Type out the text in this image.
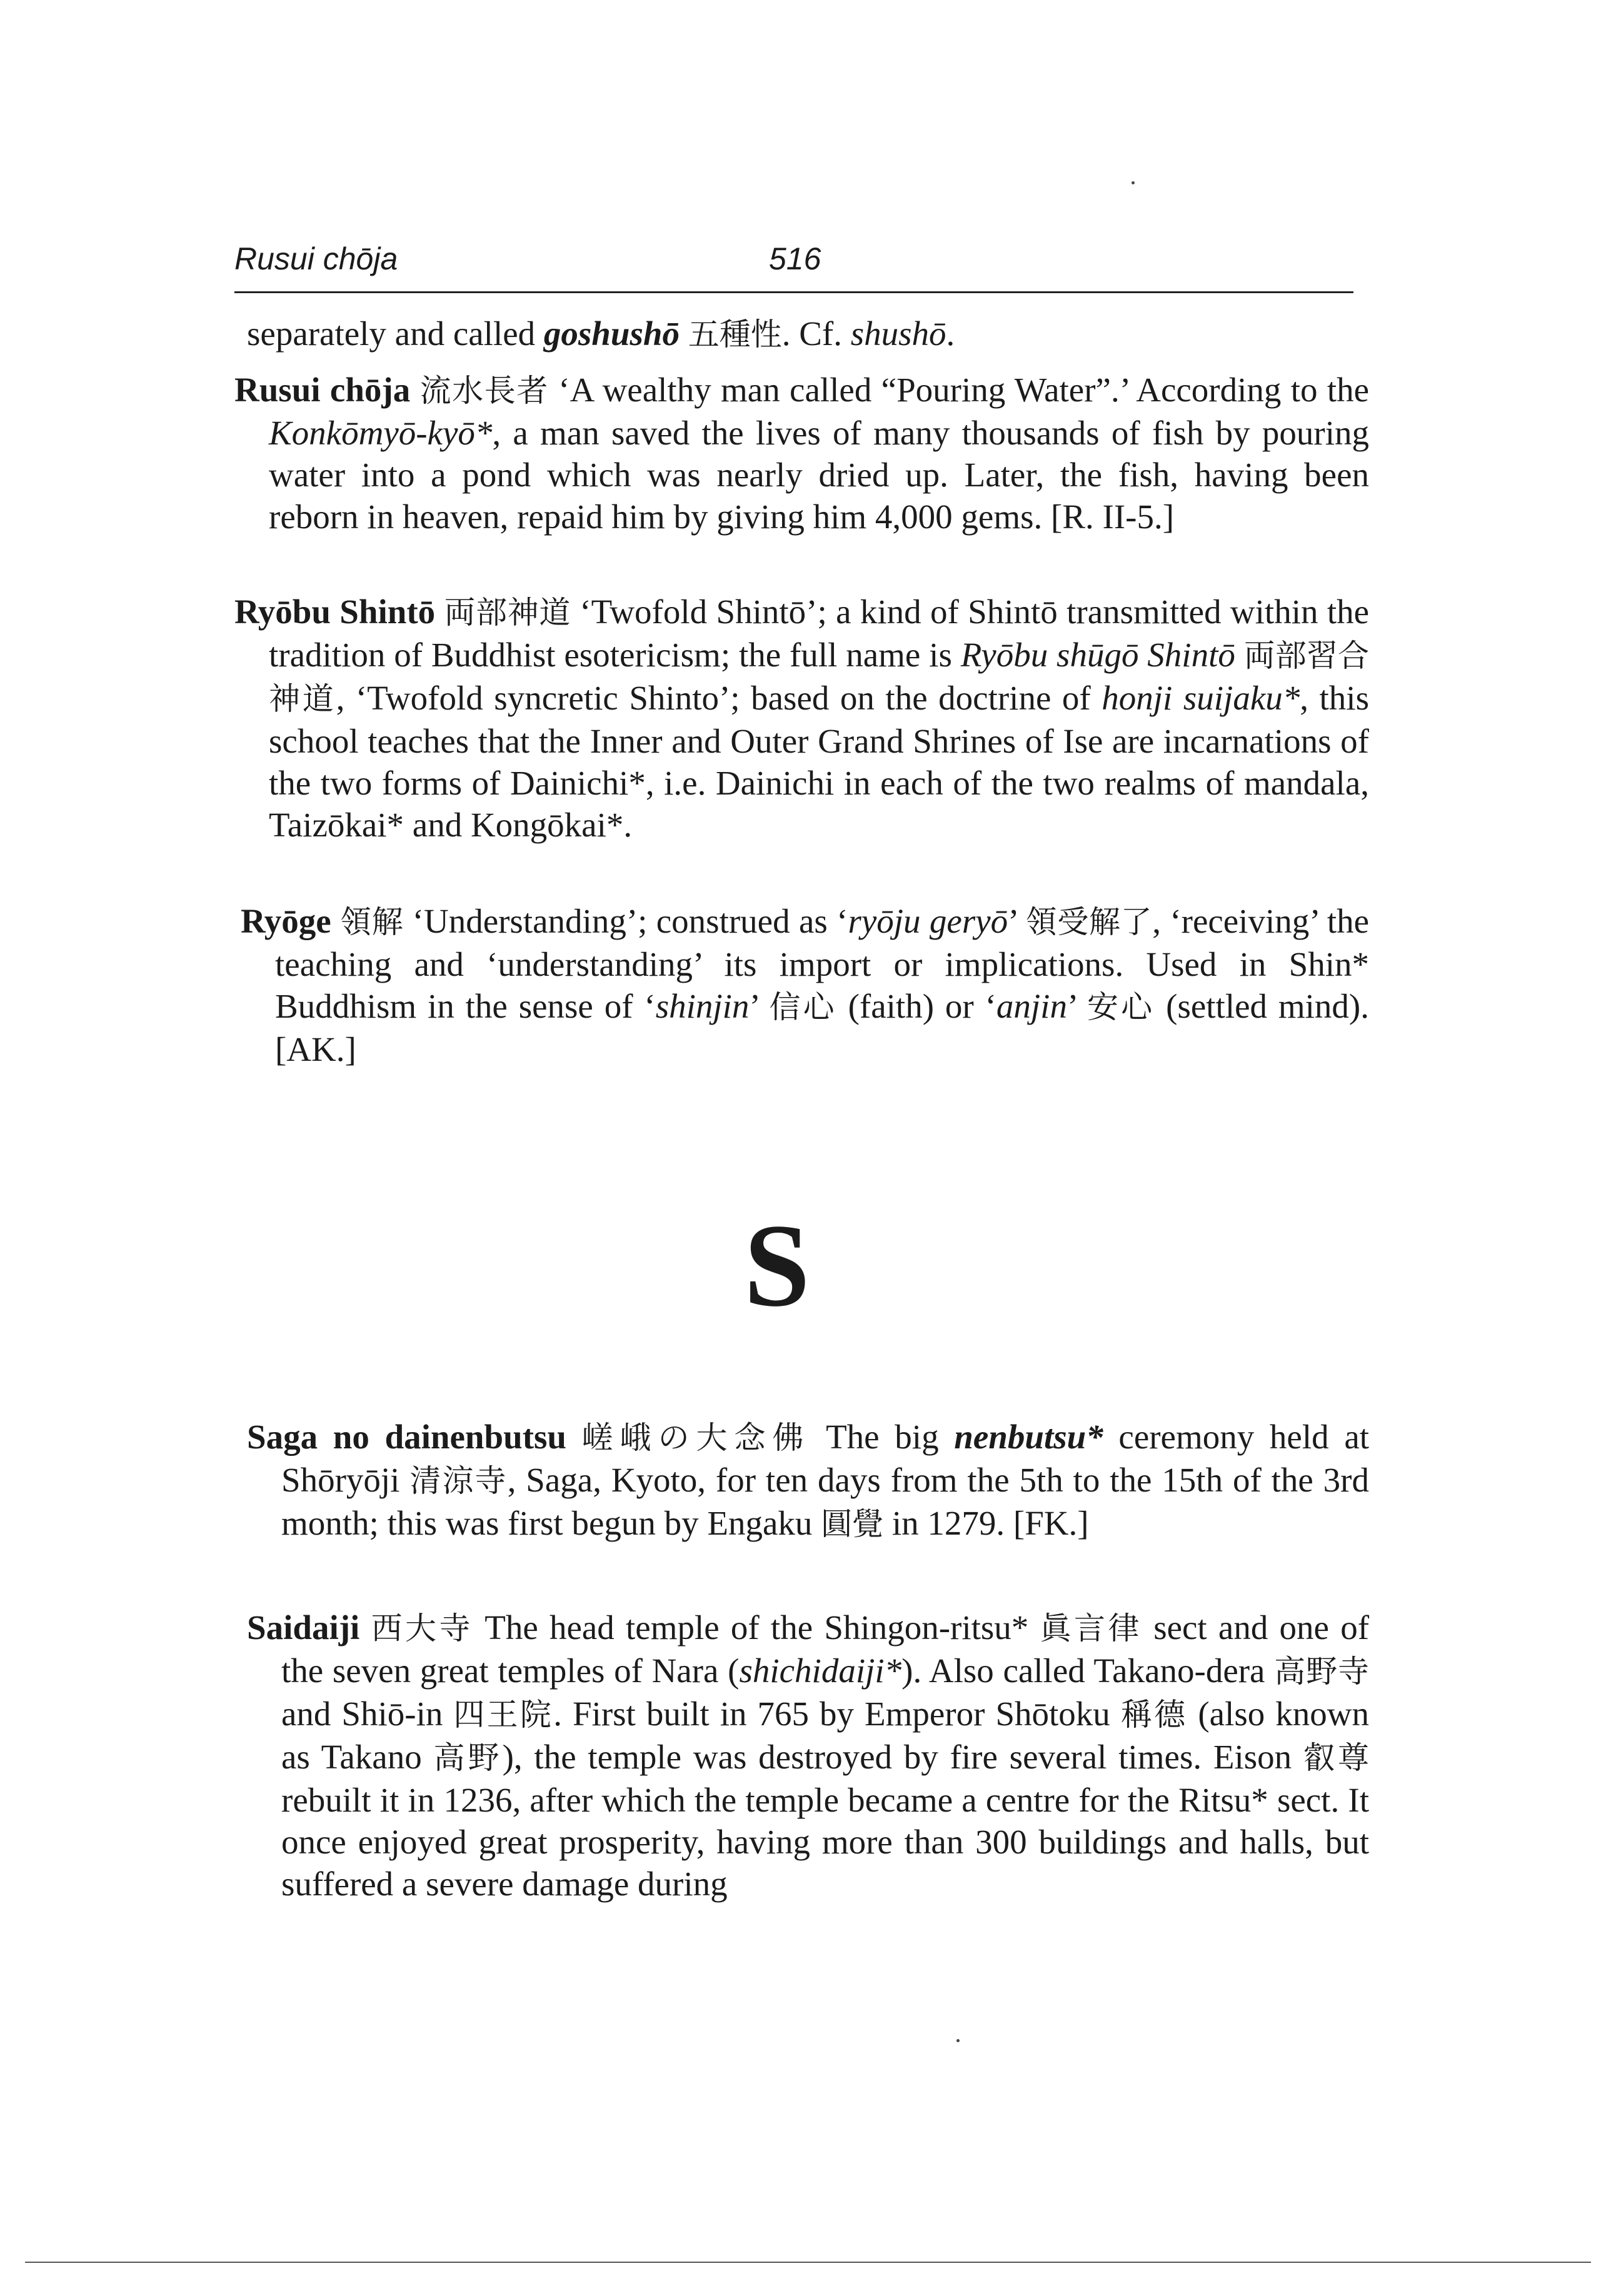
Rusui chōja	516
separately and called goshushō 五種性. Cf. shushō.
Rusui chōja 流水長者 ‘A wealthy man called “Pouring Water”.’ According to the Konkōmyō-kyō*, a man saved the lives of many thousands of fish by pouring water into a pond which was nearly dried up. Later, the fish, having been reborn in heaven, repaid him by giving him 4,000 gems. [R. II-5.]
Ryōbu Shintō 両部神道 ‘Twofold Shintō’; a kind of Shintō transmitted within the tradition of Buddhist esotericism; the full name is Ryōbu shūgō Shintō 両部習合神道, ‘Twofold syncretic Shinto’; based on the doctrine of honji suijaku*, this school teaches that the Inner and Outer Grand Shrines of Ise are incarnations of the two forms of Dainichi*, i.e. Dainichi in each of the two realms of mandala, Taizōkai* and Kongōkai*.
Ryōge 領解 ‘Understanding’; construed as ‘ryōju geryō’ 領受解了, ‘receiving’ the teaching and ‘understanding’ its import or implications. Used in Shin* Buddhism in the sense of ‘shinjin’ 信心 (faith) or ‘anjin’ 安心 (settled mind). [AK.]
S
Saga no dainenbutsu 嵯峨の大念佛 The big nenbutsu* ceremony held at Shōryōji 清涼寺, Saga, Kyoto, for ten days from the 5th to the 15th of the 3rd month; this was first begun by Engaku 圓覺 in 1279. [FK.]
Saidaiji 西大寺 The head temple of the Shingon-ritsu* 眞言律 sect and one of the seven great temples of Nara (shichidaiji*). Also called Takano-dera 高野寺 and Shiō-in 四王院. First built in 765 by Emperor Shōtoku 稱德 (also known as Takano 高野), the temple was destroyed by fire several times. Eison 叡尊 rebuilt it in 1236, after which the temple became a centre for the Ritsu* sect. It once enjoyed great prosperity, having more than 300 buildings and halls, but suffered a severe damage during
